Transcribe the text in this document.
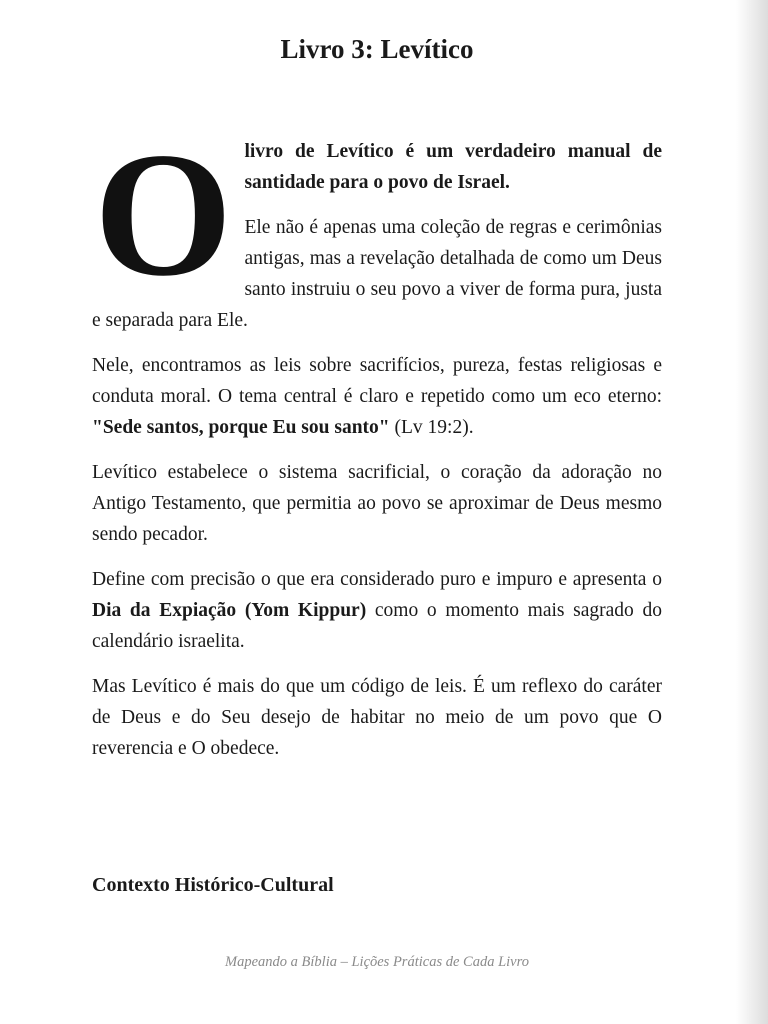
Livro 3: Levítico

Olivro de Levítico é um verdadeiro manual de santidade para o povo de Israel.

Ele não é apenas uma coleção de regras e cerimônias antigas, mas a revelação detalhada de como um Deus santo instruiu o seu povo a viver de forma pura, justa e separada para Ele.

Nele, encontramos as leis sobre sacrifícios, pureza, festas religiosas e conduta moral. O tema central é claro e repetido como um eco eterno: "Sede santos, porque Eu sou santo" (Lv 19:2).

Levítico estabelece o sistema sacrificial, o coração da adoração no Antigo Testamento, que permitia ao povo se aproximar de Deus mesmo sendo pecador.

Define com precisão o que era considerado puro e impuro e apresenta o Dia da Expiação (Yom Kippur) como o momento mais sagrado do calendário israelita.

Mas Levítico é mais do que um código de leis. É um reflexo do caráter de Deus e do Seu desejo de habitar no meio de um povo que O reverencia e O obedece.

Contexto Histórico-Cultural
Mapeando a Bíblia – Lições Práticas de Cada Livro
